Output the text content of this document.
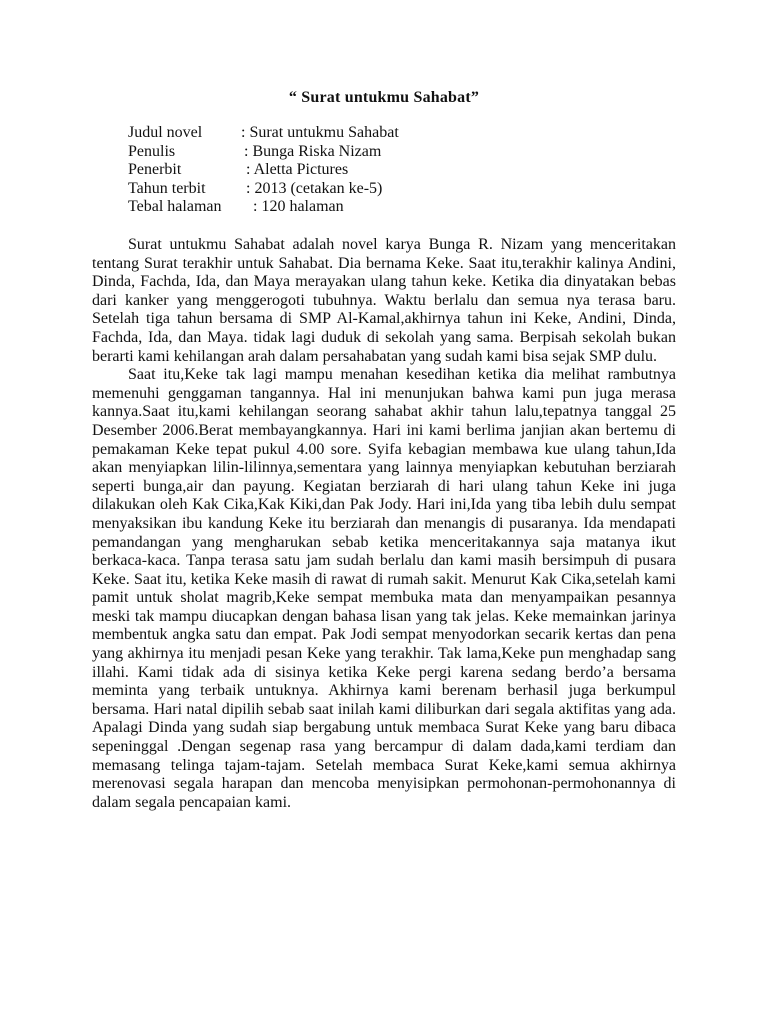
“ Surat untukmu Sahabat”
Judul novel	: Surat untukmu Sahabat
Penulis	: Bunga Riska Nizam
Penerbit	: Aletta Pictures
Tahun terbit	: 2013 (cetakan ke-5)
Tebal halaman	: 120 halaman

Surat untukmu Sahabat adalah novel karya Bunga R. Nizam yang menceritakan tentang Surat terakhir untuk Sahabat. Dia bernama Keke. Saat itu,terakhir kalinya Andini, Dinda, Fachda, Ida, dan Maya merayakan ulang tahun keke. Ketika dia dinyatakan bebas dari kanker yang menggerogoti tubuhnya. Waktu berlalu dan semua nya terasa baru. Setelah tiga tahun bersama di SMP Al-Kamal,akhirnya tahun ini Keke, Andini, Dinda, Fachda, Ida, dan Maya. tidak lagi duduk di sekolah yang sama. Berpisah sekolah bukan berarti kami kehilangan arah dalam persahabatan yang sudah kami bisa sejak SMP dulu.

Saat itu,Keke tak lagi mampu menahan kesedihan ketika dia melihat rambutnya memenuhi genggaman tangannya. Hal ini menunjukan bahwa kami pun juga merasa kannya.Saat itu,kami kehilangan seorang sahabat akhir tahun lalu,tepatnya tanggal 25 Desember 2006.Berat membayangkannya. Hari ini kami berlima janjian akan bertemu di pemakaman Keke tepat pukul 4.00 sore. Syifa kebagian membawa kue ulang tahun,Ida akan menyiapkan lilin-lilinnya,sementara yang lainnya menyiapkan kebutuhan berziarah seperti bunga,air dan payung. Kegiatan berziarah di hari ulang tahun Keke ini juga dilakukan oleh Kak Cika,Kak Kiki,dan Pak Jody. Hari ini,Ida yang tiba lebih dulu sempat menyaksikan ibu kandung Keke itu berziarah dan menangis di pusaranya. Ida mendapati pemandangan yang mengharukan sebab ketika menceritakannya saja matanya ikut berkaca-kaca. Tanpa terasa satu jam sudah berlalu dan kami masih bersimpuh di pusara Keke. Saat itu, ketika Keke masih di rawat di rumah sakit. Menurut Kak Cika,setelah kami pamit untuk sholat magrib,Keke sempat membuka mata dan menyampaikan pesannya meski tak mampu diucapkan dengan bahasa lisan yang tak jelas. Keke memainkan jarinya membentuk angka satu dan empat. Pak Jodi sempat menyodorkan secarik kertas dan pena yang akhirnya itu menjadi pesan Keke yang terakhir. Tak lama,Keke pun menghadap sang illahi. Kami tidak ada di sisinya ketika Keke pergi karena sedang berdo’a bersama meminta yang terbaik untuknya. Akhirnya kami berenam berhasil juga berkumpul bersama. Hari natal dipilih sebab saat inilah kami diliburkan dari segala aktifitas yang ada. Apalagi Dinda yang sudah siap bergabung untuk membaca Surat Keke yang baru dibaca sepeninggal .Dengan segenap rasa yang bercampur di dalam dada,kami terdiam dan memasang telinga tajam-tajam. Setelah membaca Surat Keke,kami semua akhirnya merenovasi segala harapan dan mencoba menyisipkan permohonan-permohonannya di dalam segala pencapaian kami.
